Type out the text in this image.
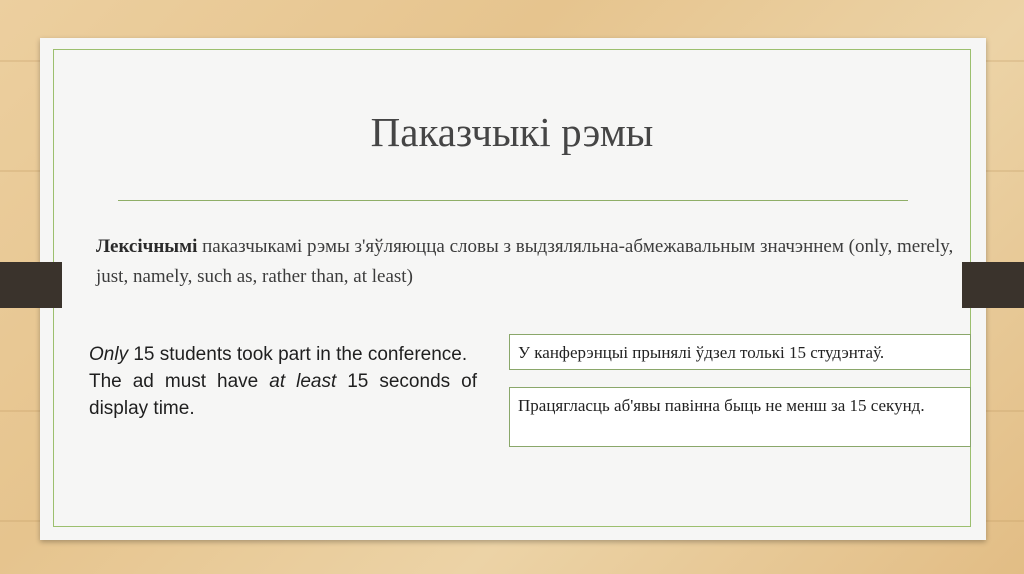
Паказчыкі рэмы
Лексічнымі паказчыкамі рэмы з'яўляюцца словы з выдзяляльна-абмежавальным значэннем (only, merely, just, namely, such as, rather than, at least)

Only 15 students took part in the conference.

The ad must have at least 15 seconds of display time.

У канферэнцыі прынялі ўдзел толькі 15 студэнтаў.
Працягласць аб'явы павінна быць не менш за 15 секунд.
